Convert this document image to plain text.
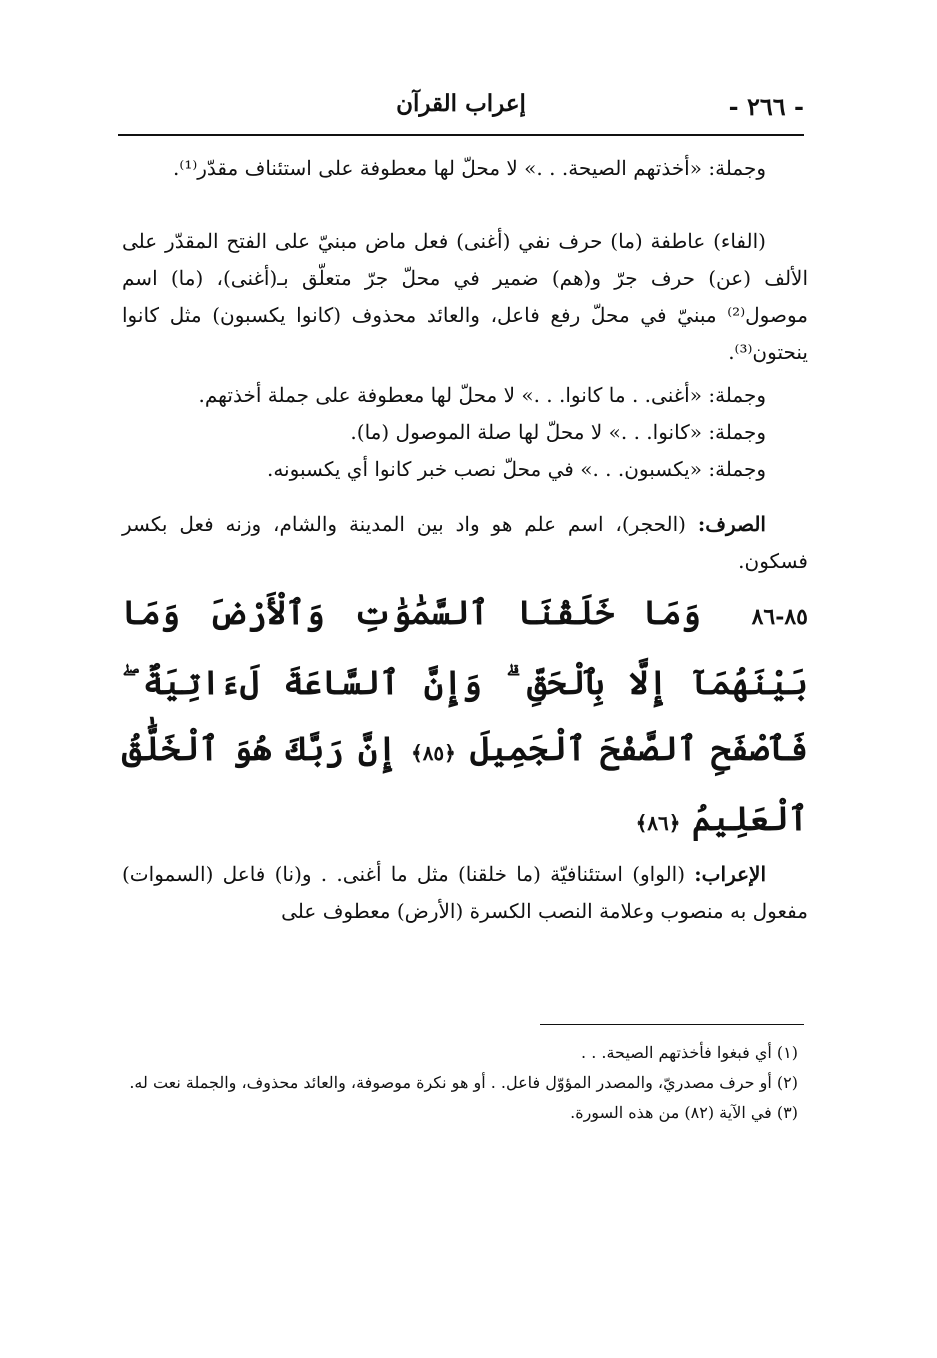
- ٢٦٦ -
إعراب القرآن

وجملة: «أخذتهم الصيحة. . .» لا محلّ لها معطوفة على استئناف مقدّر⁽¹⁾.

(الفاء) عاطفة (ما) حرف نفي (أغنى) فعل ماض مبنيّ على الفتح المقدّر على الألف (عن) حرف جرّ و(هم) ضمير في محلّ جرّ متعلّق بـ(أغنى)، (ما) اسم موصول⁽²⁾ مبنيّ في محلّ رفع فاعل، والعائد محذوف (كانوا يكسبون) مثل كانوا ينحتون⁽³⁾.

وجملة: «أغنى. . ما كانوا. . .» لا محلّ لها معطوفة على جملة أخذتهم.

وجملة: «كانوا. . .» لا محلّ لها صلة الموصول (ما).

وجملة: «يكسبون. . .» في محلّ نصب خبر كانوا أي يكسبونه.

الصرف: (الحجر)، اسم علم هو واد بين المدينة والشام، وزنه فعل بكسر فسكون.

٨٥-٨٦ وَمَا خَلَقْنَا ٱلسَّمَٰوَٰتِ وَٱلْأَرْضَ وَمَا بَيْنَهُمَآ إِلَّا بِٱلْحَقِّ ۗ وَإِنَّ ٱلسَّاعَةَ لَءَاتِيَةٌ ۖ فَٱصْفَحِ ٱلصَّفْحَ ٱلْجَمِيلَ ﴿٨٥﴾ إِنَّ رَبَّكَ هُوَ ٱلْخَلَّٰقُ ٱلْعَلِيمُ ﴿٨٦﴾

الإعراب: (الواو) استئنافيّة (ما خلقنا) مثل ما أغنى. . و(نا) فاعل (السموات) مفعول به منصوب وعلامة النصب الكسرة (الأرض) معطوف على

(١) أي فبغوا فأخذتهم الصيحة. . .

(٢) أو حرف مصدريّ، والمصدر المؤوّل فاعل. . أو هو نكرة موصوفة، والعائد محذوف، والجملة نعت له.

(٣) في الآية (٨٢) من هذه السورة.
